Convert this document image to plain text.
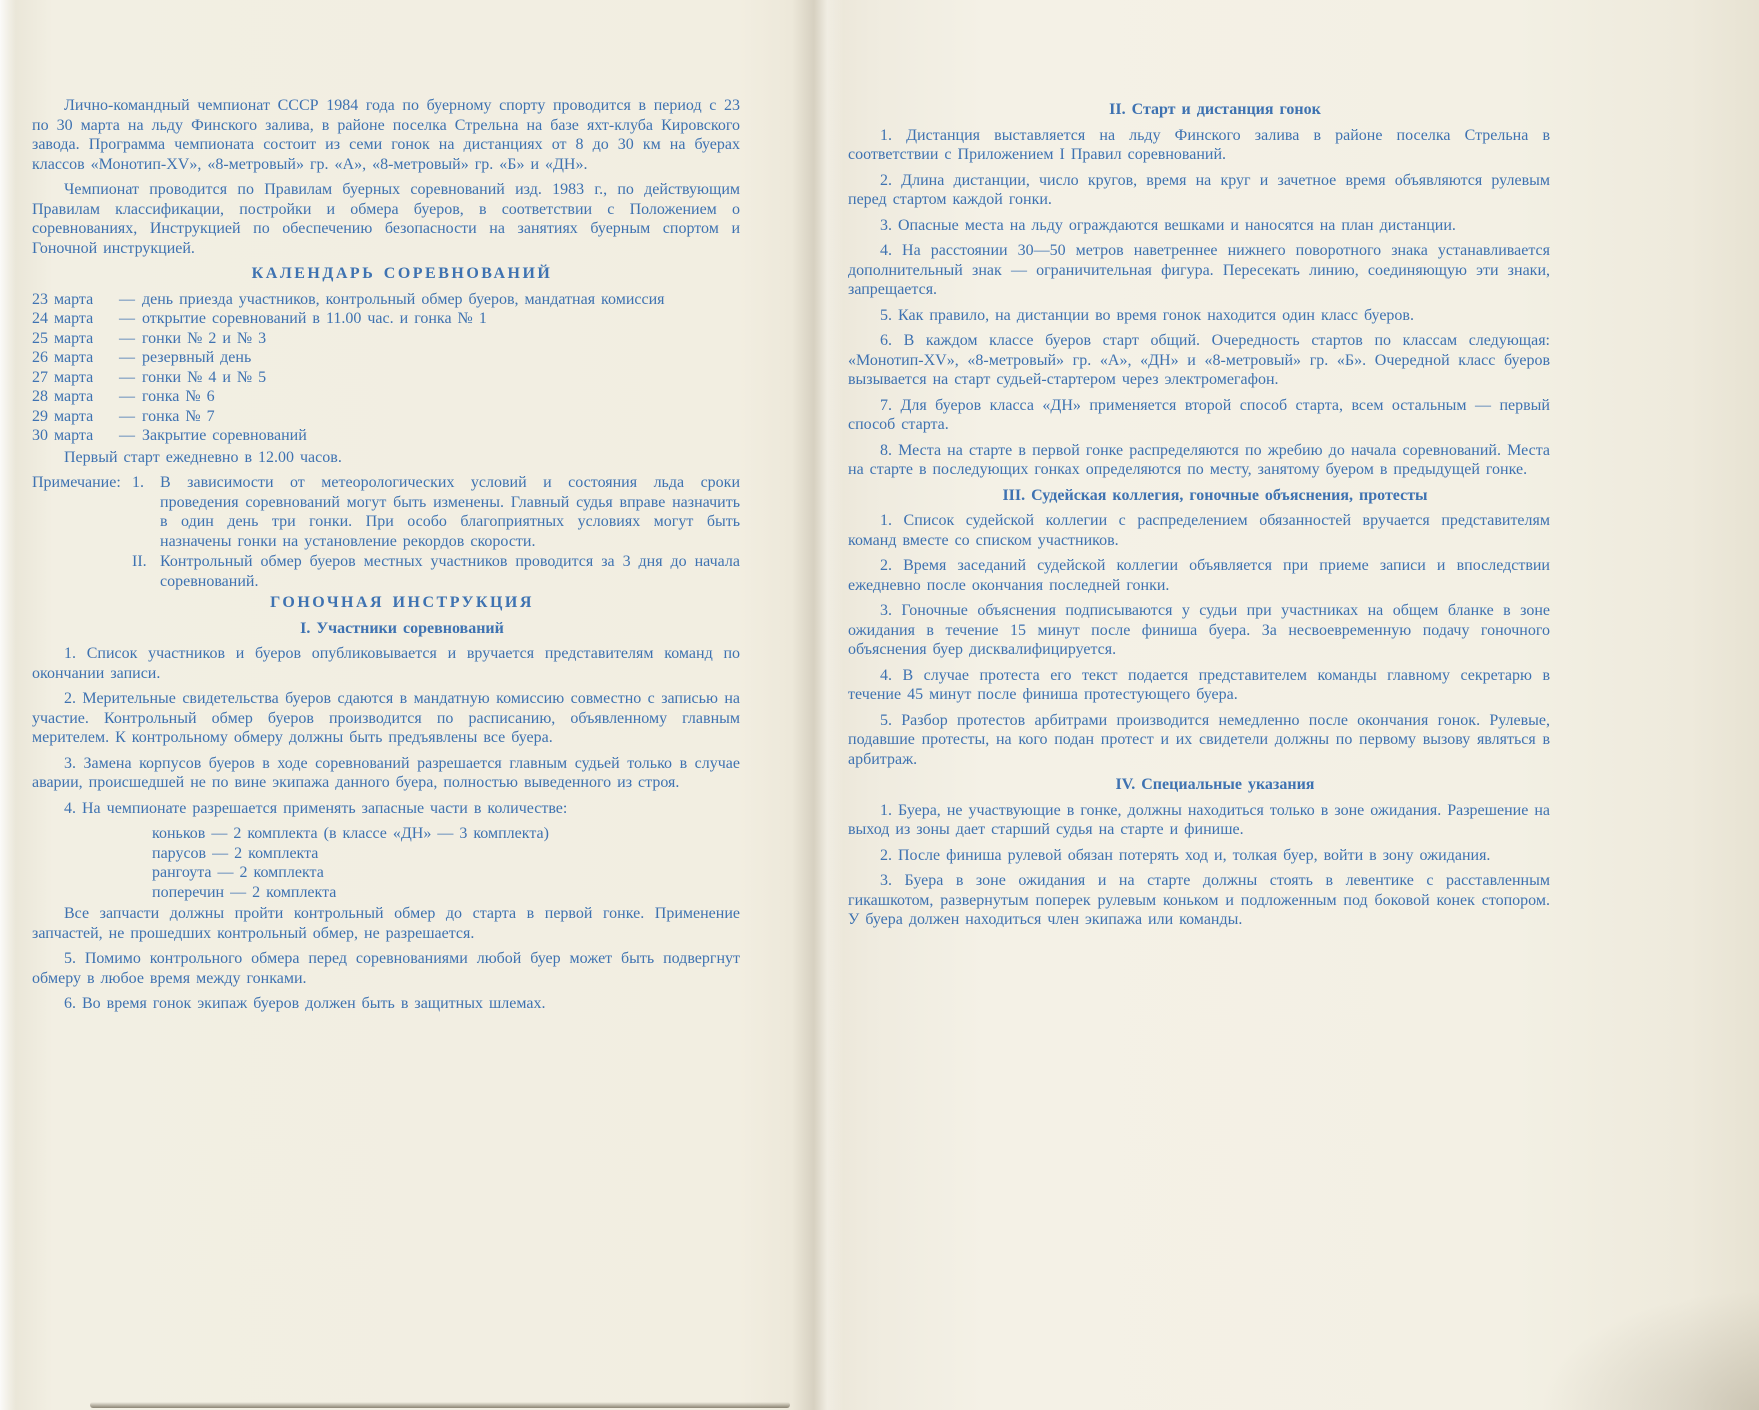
Лично-командный чемпионат СССР 1984 года по буерному спорту проводится в период с 23 по 30 марта на льду Финского залива, в районе поселка Стрельна на базе яхт-клуба Кировского завода. Программа чемпионата состоит из семи гонок на дистанциях от 8 до 30 км на буерах классов «Монотип-XV», «8-метровый» гр. «А», «8-метровый» гр. «Б» и «ДН».

Чемпионат проводится по Правилам буерных соревнований изд. 1983 г., по действующим Правилам классификации, постройки и обмера буеров, в соответствии с Положением о соревнованиях, Инструкцией по обеспечению безопасности на занятиях буерным спортом и Гоночной инструкцией.

КАЛЕНДАРЬ СОРЕВНОВАНИЙ

23 марта	— день приезда участников, контрольный обмер буеров, мандатная комиссия
24 марта	— открытие соревнований в 11.00 час. и гонка № 1
25 марта	— гонки № 2 и № 3
26 марта	— резервный день
27 марта	— гонки № 4 и № 5
28 марта	— гонка № 6
29 марта	— гонка № 7
30 марта	— Закрытие соревнований

Первый старт ежедневно в 12.00 часов.

Примечание: 1.	В зависимости от метеорологических условий и состояния льда сроки проведения соревнований могут быть изменены. Главный судья вправе назначить в один день три гонки. При особо благоприятных условиях могут быть назначены гонки на установление рекордов скорости.
II. Контрольный обмер буеров местных участников проводится за 3 дня до начала соревнований.

ГОНОЧНАЯ ИНСТРУКЦИЯ

I. Участники соревнований

1. Список участников и буеров опубликовывается и вручается представителям команд по окончании записи.

2. Мерительные свидетельства буеров сдаются в мандатную комиссию совместно с записью на участие. Контрольный обмер буеров производится по расписанию, объявленному главным мерителем. К контрольному обмеру должны быть предъявлены все буера.

3. Замена корпусов буеров в ходе соревнований разрешается главным судьей только в случае аварии, происшедшей не по вине экипажа данного буера, полностью выведенного из строя.

4. На чемпионате разрешается применять запасные части в количестве:

коньков — 2 комплекта (в классе «ДН» — 3 комплекта)
парусов — 2 комплекта
рангоута — 2 комплекта
поперечин — 2 комплекта

Все запчасти должны пройти контрольный обмер до старта в первой гонке. Применение запчастей, не прошедших контрольный обмер, не разрешается.

5. Помимо контрольного обмера перед соревнованиями любой буер может быть подвергнут обмеру в любое время между гонками.

6. Во время гонок экипаж буеров должен быть в защитных шлемах.

II. Старт и дистанция гонок

1. Дистанция выставляется на льду Финского залива в районе поселка Стрельна в соответствии с Приложением I Правил соревнований.

2. Длина дистанции, число кругов, время на круг и зачетное время объявляются рулевым перед стартом каждой гонки.

3. Опасные места на льду ограждаются вешками и наносятся на план дистанции.

4. На расстоянии 30—50 метров наветреннее нижнего поворотного знака устанавливается дополнительный знак — ограничительная фигура. Пересекать линию, соединяющую эти знаки, запрещается.

5. Как правило, на дистанции во время гонок находится один класс буеров.

6. В каждом классе буеров старт общий. Очередность стартов по классам следующая: «Монотип-XV», «8-метровый» гр. «А», «ДН» и «8-метровый» гр. «Б». Очередной класс буеров вызывается на старт судьей-стартером через электромегафон.

7. Для буеров класса «ДН» применяется второй способ старта, всем остальным — первый способ старта.

8. Места на старте в первой гонке распределяются по жребию до начала соревнований. Места на старте в последующих гонках определяются по месту, занятому буером в предыдущей гонке.

III. Судейская коллегия, гоночные объяснения, протесты

1. Список судейской коллегии с распределением обязанностей вручается представителям команд вместе со списком участников.

2. Время заседаний судейской коллегии объявляется при приеме записи и впоследствии ежедневно после окончания последней гонки.

3. Гоночные объяснения подписываются у судьи при участниках на общем бланке в зоне ожидания в течение 15 минут после финиша буера. За несвоевременную подачу гоночного объяснения буер дисквалифицируется.

4. В случае протеста его текст подается представителем команды главному секретарю в течение 45 минут после финиша протестующего буера.

5. Разбор протестов арбитрами производится немедленно после окончания гонок. Рулевые, подавшие протесты, на кого подан протест и их свидетели должны по первому вызову являться в арбитраж.

IV. Специальные указания

1. Буера, не участвующие в гонке, должны находиться только в зоне ожидания. Разрешение на выход из зоны дает старший судья на старте и финише.

2. После финиша рулевой обязан потерять ход и, толкая буер, войти в зону ожидания.

3. Буера в зоне ожидания и на старте должны стоять в левентике с расставленным гикашкотом, развернутым поперек рулевым коньком и подложенным под боковой конек стопором. У буера должен находиться член экипажа или команды.
